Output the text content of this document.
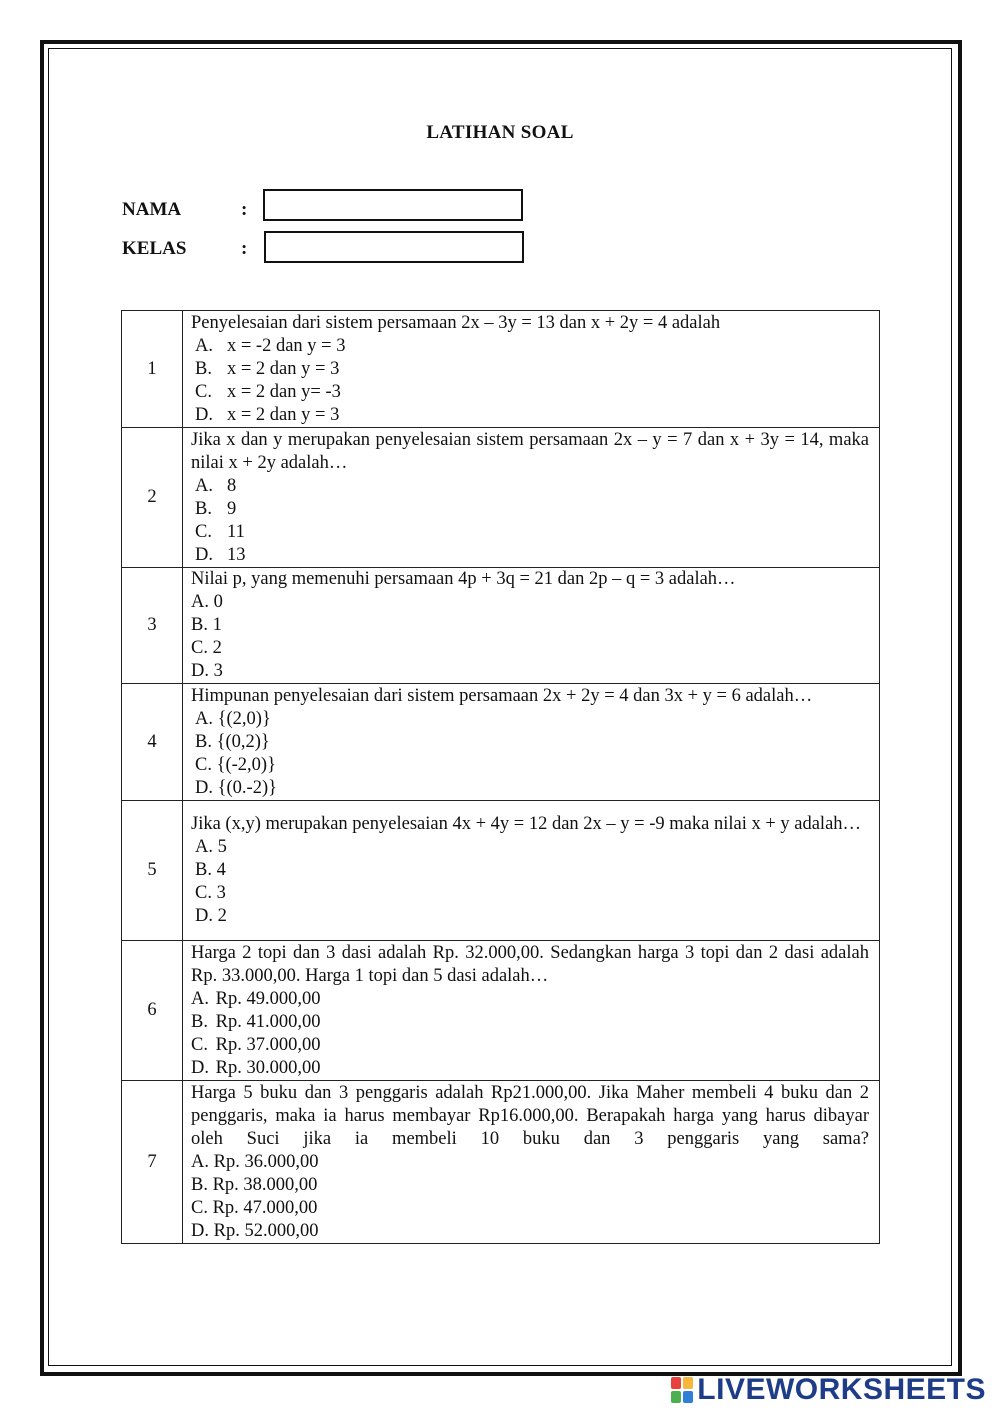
LATIHAN SOAL
NAMA	:
KELAS	:
1	Penyelesaian dari sistem persamaan 2x – 3y = 13 dan x + 2y = 4 adalah
A. x = -2 dan y = 3
B. x = 2 dan y = 3
C. x = 2 dan y= -3
D. x = 2 dan y = 3

2	Jika x dan y merupakan penyelesaian sistem persamaan 2x – y = 7 dan x + 3y = 14, maka nilai x + 2y adalah…
A. 8
B. 9
C. 11
D. 13

3	Nilai p, yang memenuhi persamaan 4p + 3q = 21 dan 2p – q = 3 adalah…
A. 0
B. 1
C. 2
D. 3

4	Himpunan penyelesaian dari sistem persamaan 2x + 2y = 4 dan 3x + y = 6 adalah…
A. {(2,0)}
B. {(0,2)}
C. {(-2,0)}
D. {(0.-2)}

5	Jika (x,y) merupakan penyelesaian 4x + 4y = 12 dan 2x – y = -9 maka nilai x + y adalah…
A. 5
B. 4
C. 3
D. 2

6	Harga 2 topi dan 3 dasi adalah Rp. 32.000,00. Sedangkan harga 3 topi dan 2 dasi adalah Rp. 33.000,00. Harga 1 topi dan 5 dasi adalah…
A. Rp. 49.000,00
B. Rp. 41.000,00
C. Rp. 37.000,00
D. Rp. 30.000,00

7	Harga 5 buku dan 3 penggaris adalah Rp21.000,00. Jika Maher membeli 4 buku dan 2 penggaris, maka ia harus membayar Rp16.000,00. Berapakah harga yang harus dibayar oleh Suci jika ia membeli 10 buku dan 3 penggaris yang sama?
A. Rp. 36.000,00
B. Rp. 38.000,00
C. Rp. 47.000,00
D. Rp. 52.000,00
LIVEWORKSHEETS
